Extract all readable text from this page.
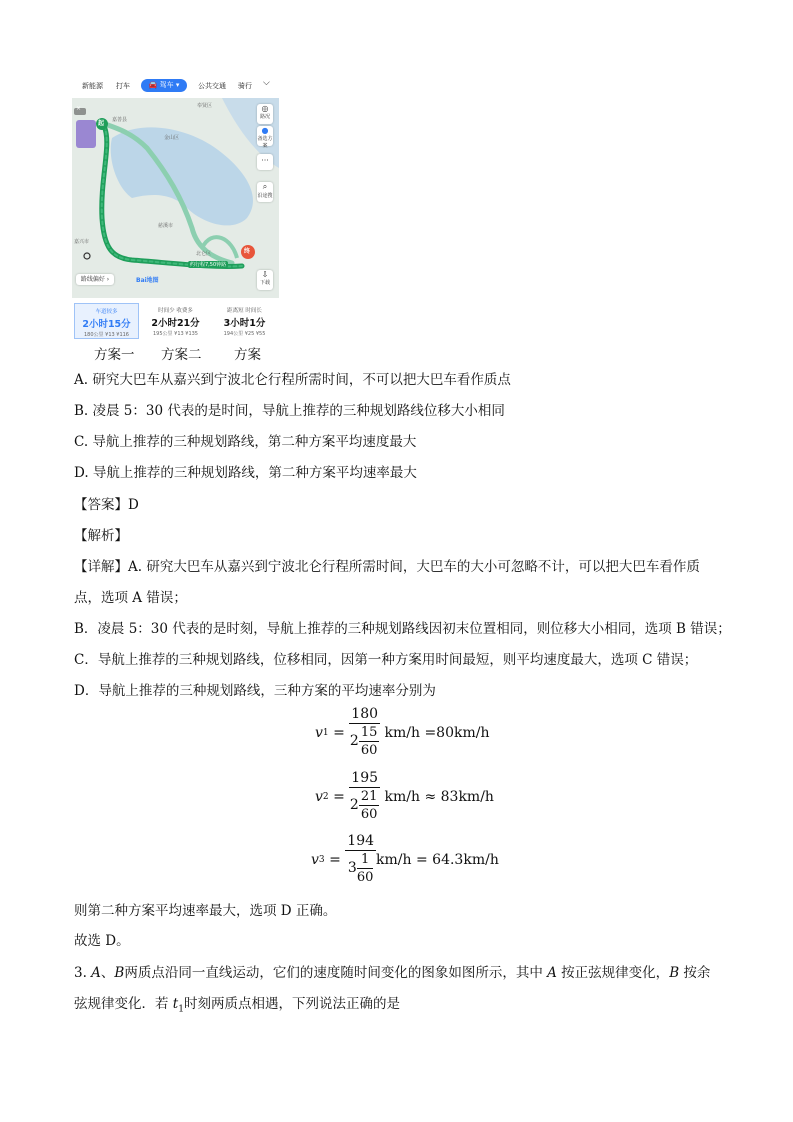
新能源 打车	🚘 驾车 ▾	公共交通 骑行 ⌵
起
终
×
嘉善县
奉贤区
金山区
慈溪市
嘉兴市
北仑区
约行程7,50钟路
路线偏好 ›	Bai地图
◎
路况
●
备选方案
···
⌕
沿途搜
⇩
下载
车道较多
2小时15分
180公里 ¥13 ¥116
时间少 收费多
2小时21分
195公里 ¥13 ¥135
距离短 时间长
3小时1分
194公里 ¥25 ¥55
方案一 方案二 方案
A. 研究大巴车从嘉兴到宁波北仑行程所需时间，不可以把大巴车看作质点
B. 凌晨 5：30 代表的是时间，导航上推荐的三种规划路线位移大小相同
C. 导航上推荐的三种规划路线，第二种方案平均速度最大
D. 导航上推荐的三种规划路线，第二种方案平均速率最大
【答案】D
【解析】
【详解】A. 研究大巴车从嘉兴到宁波北仑行程所需时间，大巴车的大小可忽略不计，可以把大巴车看作质
点，选项 A 错误；
B．凌晨 5：30 代表的是时刻，导航上推荐的三种规划路线因初末位置相同，则位移大小相同，选项 B 错误；
C．导航上推荐的三种规划路线，位移相同，因第一种方案用时间最短，则平均速度最大，选项 C 错误；
D．导航上推荐的三种规划路线，三种方案的平均速率分别为
v $1 = \frac{180}{2 \frac{15}{60}}$
km/h
= 80km/h
v $2 = \frac{195}{2 \frac{21}{60}}$
km/h
≈
83km/h
v $3 = \frac{194}{3 \frac{1}{60}} km/h$
=
64.3km/h
则第二种方案平均速率最大，选项 D 正确。
故选 D。
3. A、B两质点沿同一直线运动，它们的速度随时间变化的图象如图所示，其中 A 按正弦规律变化，B 按余
弦规律变化．若 $t_1$时刻两质点相遇，下列说法正确的是
